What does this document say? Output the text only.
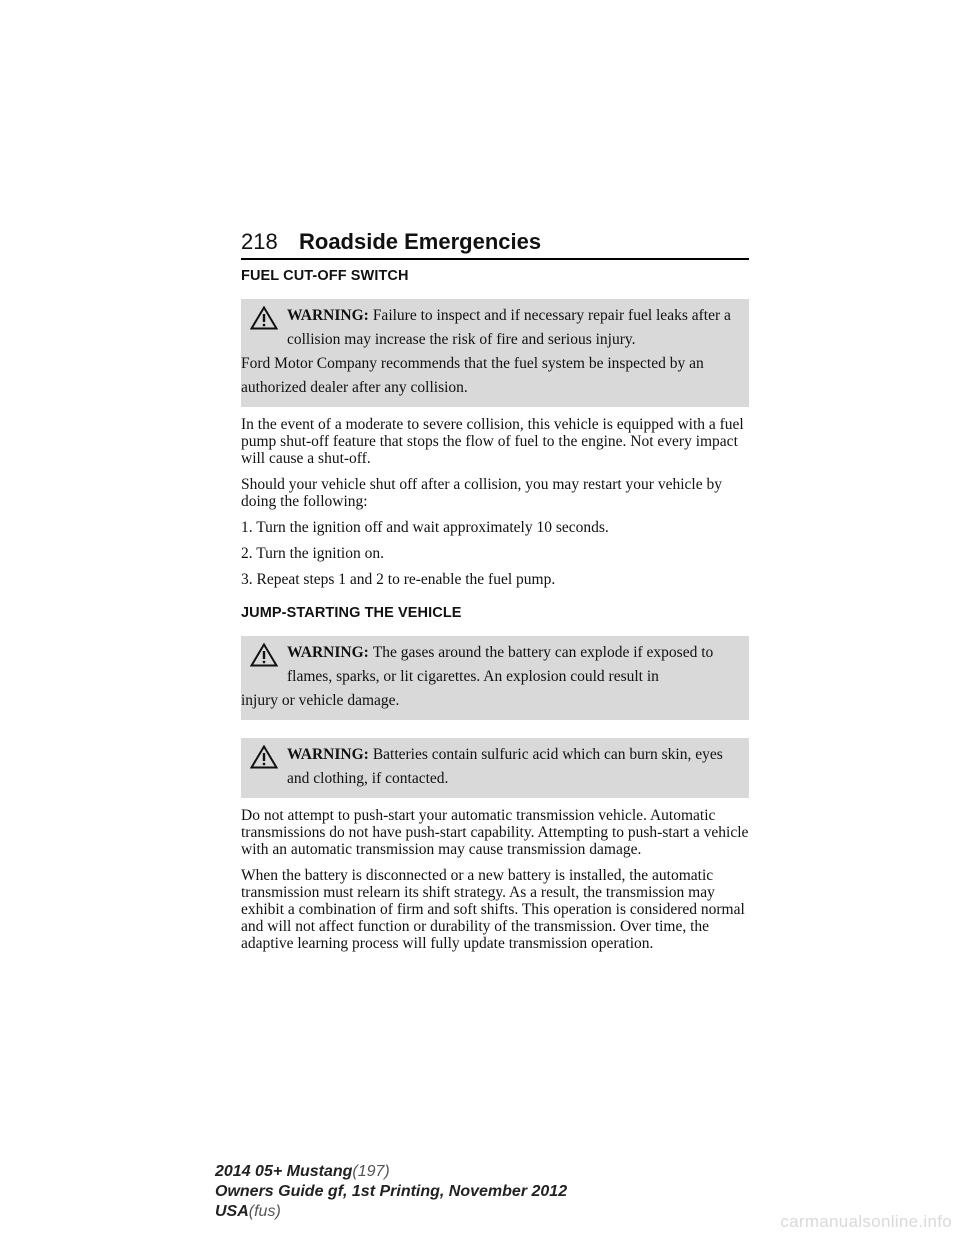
218 Roadside Emergencies
FUEL CUT-OFF SWITCH
WARNING: Failure to inspect and if necessary repair fuel leaks after a collision may increase the risk of fire and serious injury.

Ford Motor Company recommends that the fuel system be inspected by an authorized dealer after any collision.

In the event of a moderate to severe collision, this vehicle is equipped with a fuel pump shut-off feature that stops the flow of fuel to the engine. Not every impact will cause a shut-off.

Should your vehicle shut off after a collision, you may restart your vehicle by doing the following:

1. Turn the ignition off and wait approximately 10 seconds.

2. Turn the ignition on.

3. Repeat steps 1 and 2 to re-enable the fuel pump.

JUMP-STARTING THE VEHICLE
WARNING: The gases around the battery can explode if exposed to flames, sparks, or lit cigarettes. An explosion could result in

injury or vehicle damage.

WARNING: Batteries contain sulfuric acid which can burn skin, eyes and clothing, if contacted.

Do not attempt to push-start your automatic transmission vehicle. Automatic transmissions do not have push-start capability. Attempting to push-start a vehicle with an automatic transmission may cause transmission damage.

When the battery is disconnected or a new battery is installed, the automatic transmission must relearn its shift strategy. As a result, the transmission may exhibit a combination of firm and soft shifts. This operation is considered normal and will not affect function or durability of the transmission. Over time, the adaptive learning process will fully update transmission operation.

2014 05+ Mustang(197)
Owners Guide gf, 1st Printing, November 2012
USA(fus)
carmanualsonline.info
